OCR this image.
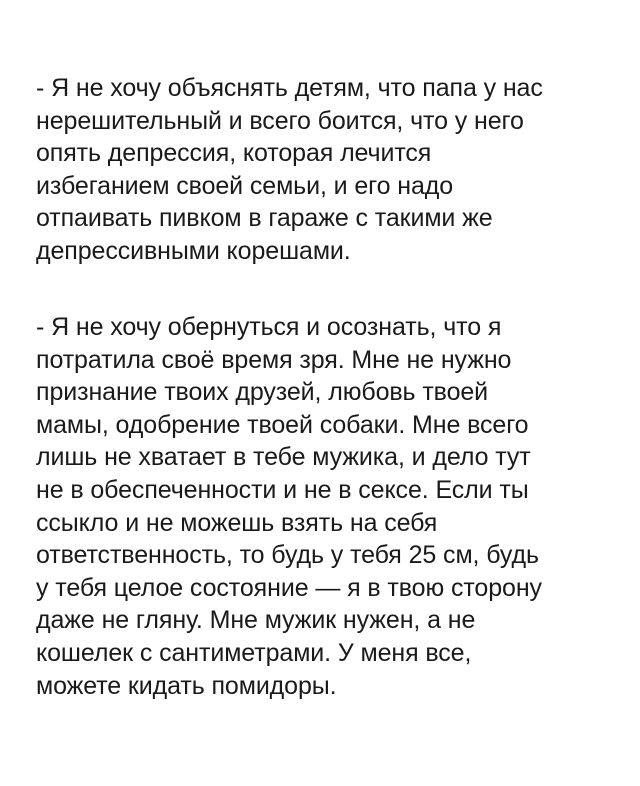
- Я не хочу объяснять детям, что папа у нас
нерешительный и всего боится, что у него
опять депрессия, которая лечится
избеганием своей семьи, и его надо
отпаивать пивком в гараже с такими же
депрессивными корешами.
- Я не хочу обернуться и осознать, что я
потратила своё время зря. Мне не нужно
признание твоих друзей, любовь твоей
мамы, одобрение твоей собаки. Мне всего
лишь не хватает в тебе мужика, и дело тут
не в обеспеченности и не в сексе. Если ты
ссыкло и не можешь взять на себя
ответственность, то будь у тебя 25 см, будь
у тебя целое состояние — я в твою сторону
даже не гляну. Мне мужик нужен, а не
кошелек с сантиметрами. У меня все,
можете кидать помидоры.
